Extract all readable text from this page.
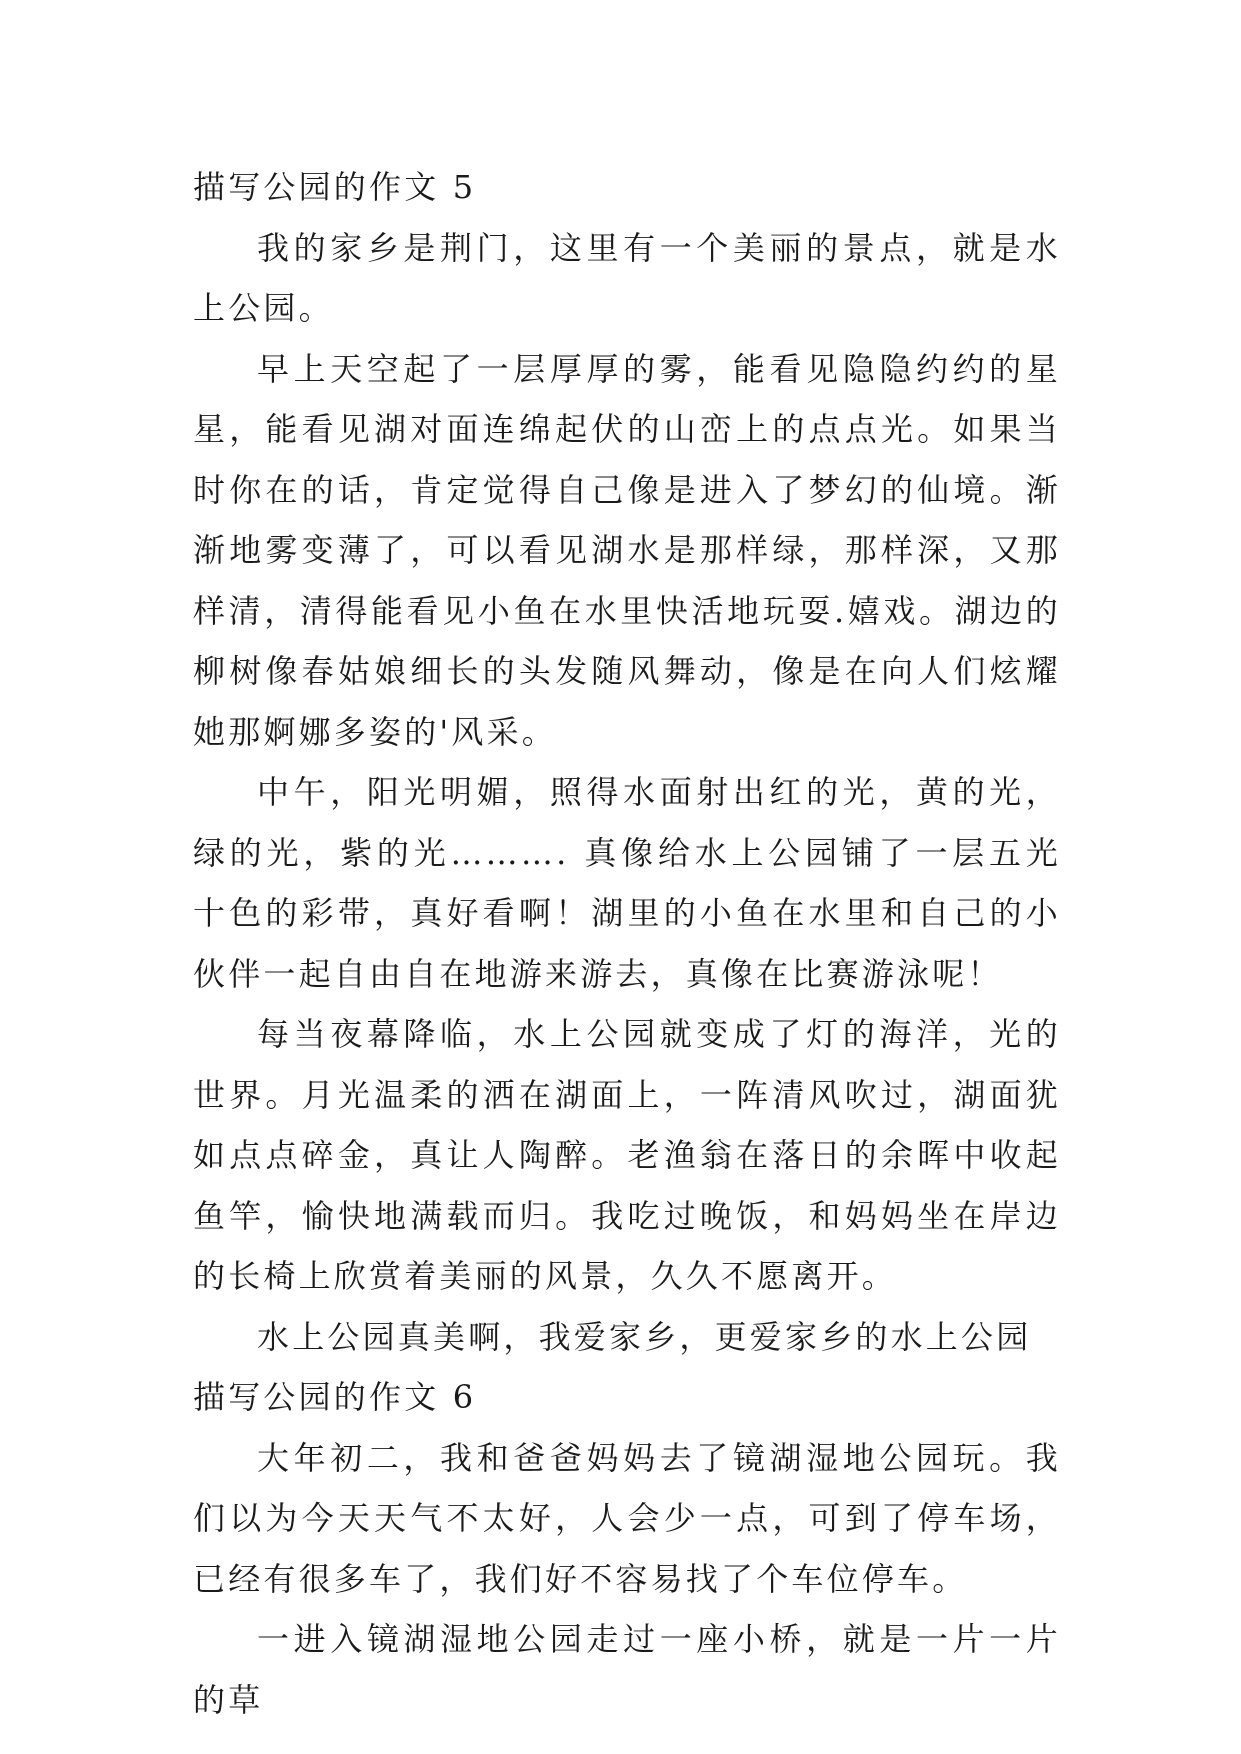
描写公园的作文 5

我的家乡是荆门，这里有一个美丽的景点，就是水上公园。

早上天空起了一层厚厚的雾，能看见隐隐约约的星星，能看见湖对面连绵起伏的山峦上的点点光。如果当时你在的话，肯定觉得自己像是进入了梦幻的仙境。渐渐地雾变薄了，可以看见湖水是那样绿，那样深，又那样清，清得能看见小鱼在水里快活地玩耍.嬉戏。湖边的柳树像春姑娘细长的头发随风舞动，像是在向人们炫耀她那婀娜多姿的'风采。

中午，阳光明媚，照得水面射出红的光，黄的光，绿的光，紫的光………. 真像给水上公园铺了一层五光十色的彩带，真好看啊！湖里的小鱼在水里和自己的小伙伴一起自由自在地游来游去，真像在比赛游泳呢！

每当夜幕降临，水上公园就变成了灯的海洋，光的世界。月光温柔的洒在湖面上，一阵清风吹过，湖面犹如点点碎金，真让人陶醉。老渔翁在落日的余晖中收起鱼竿，愉快地满载而归。我吃过晚饭，和妈妈坐在岸边的长椅上欣赏着美丽的风景，久久不愿离开。

水上公园真美啊，我爱家乡，更爱家乡的水上公园

描写公园的作文 6

大年初二，我和爸爸妈妈去了镜湖湿地公园玩。我们以为今天天气不太好，人会少一点，可到了停车场，已经有很多车了，我们好不容易找了个车位停车。

一进入镜湖湿地公园走过一座小桥，就是一片一片的草
